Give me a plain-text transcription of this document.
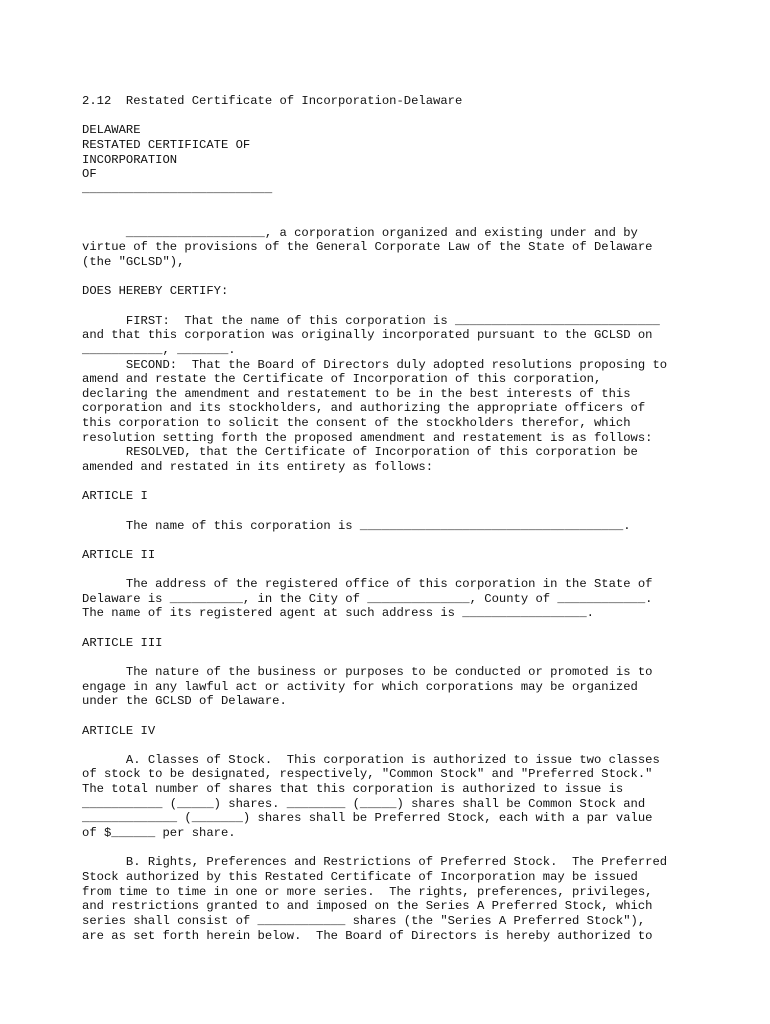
2.12  Restated Certificate of Incorporation-Delaware
DELAWARE
RESTATED CERTIFICATE OF
INCORPORATION
OF
__________________________
___________________, a corporation organized and existing under and by
virtue of the provisions of the General Corporate Law of the State of Delaware
(the "GCLSD"),
DOES HEREBY CERTIFY:
FIRST:  That the name of this corporation is ____________________________
and that this corporation was originally incorporated pursuant to the GCLSD on
___________, _______.
SECOND:  That the Board of Directors duly adopted resolutions proposing to
amend and restate the Certificate of Incorporation of this corporation,
declaring the amendment and restatement to be in the best interests of this
corporation and its stockholders, and authorizing the appropriate officers of
this corporation to solicit the consent of the stockholders therefor, which
resolution setting forth the proposed amendment and restatement is as follows:
RESOLVED, that the Certificate of Incorporation of this corporation be
amended and restated in its entirety as follows:
ARTICLE I
The name of this corporation is ____________________________________.
ARTICLE II
The address of the registered office of this corporation in the State of
Delaware is __________, in the City of ______________, County of ____________.
The name of its registered agent at such address is _________________.
ARTICLE III
The nature of the business or purposes to be conducted or promoted is to
engage in any lawful act or activity for which corporations may be organized
under the GCLSD of Delaware.
ARTICLE IV
A. Classes of Stock.  This corporation is authorized to issue two classes
of stock to be designated, respectively, "Common Stock" and "Preferred Stock."
The total number of shares that this corporation is authorized to issue is
___________ (_____) shares. ________ (_____) shares shall be Common Stock and
_____________ (_______) shares shall be Preferred Stock, each with a par value
of $______ per share.
B. Rights, Preferences and Restrictions of Preferred Stock.  The Preferred
Stock authorized by this Restated Certificate of Incorporation may be issued
from time to time in one or more series.  The rights, preferences, privileges,
and restrictions granted to and imposed on the Series A Preferred Stock, which
series shall consist of ____________ shares (the "Series A Preferred Stock"),
are as set forth herein below.  The Board of Directors is hereby authorized to
